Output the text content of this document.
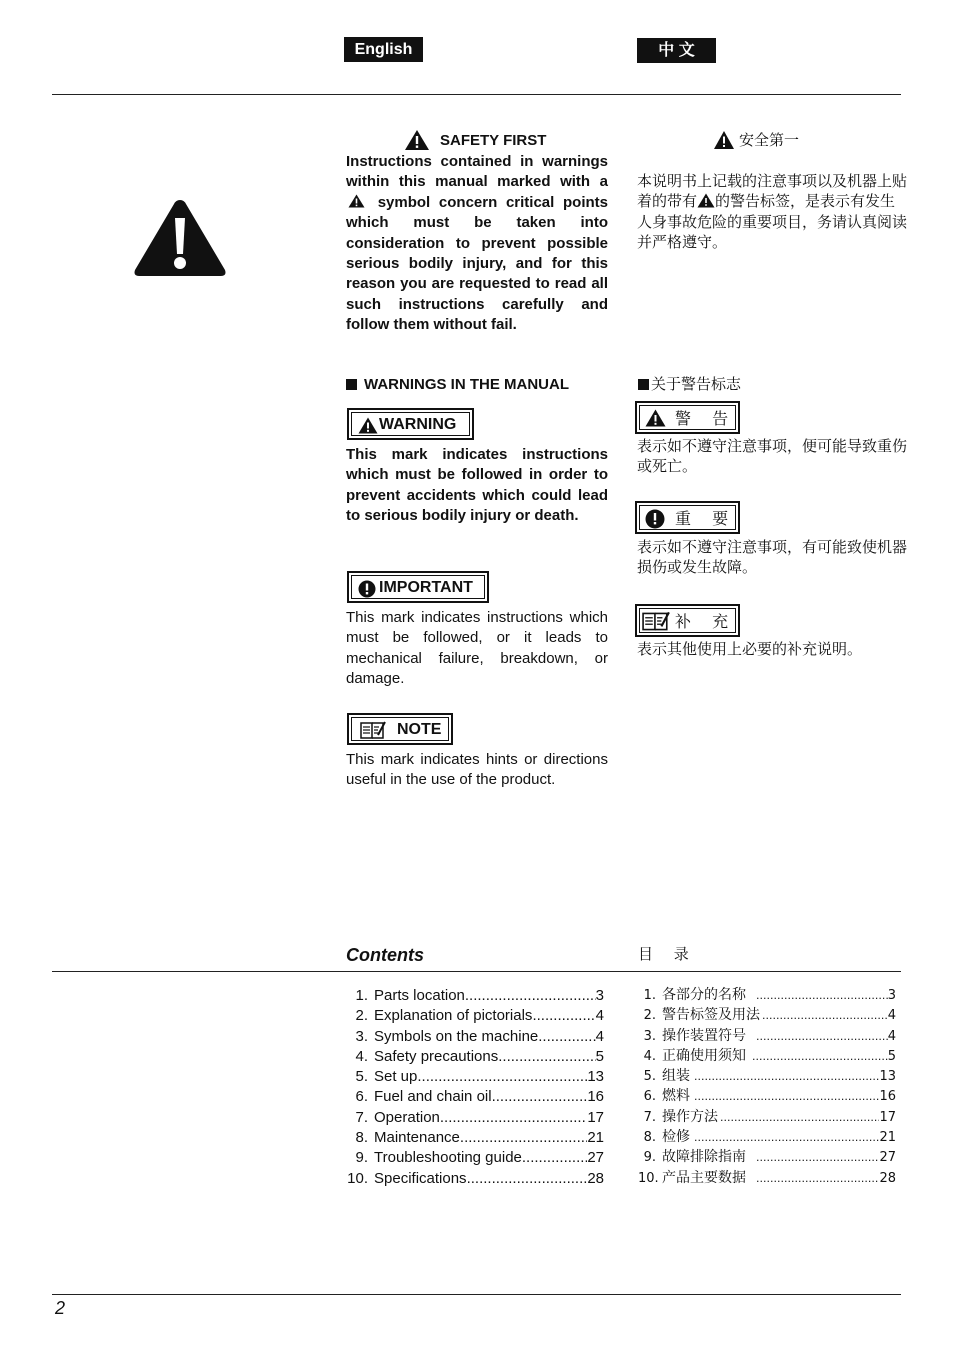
English	中 文
SAFETY FIRST
Instructions contained in warnings within this manual marked with a  symbol concern critical points which must be taken into consideration to prevent possible serious bodily injury, and for this reason you are requested to read all such instructions carefully and follow them without fail.
安全第一
本说明书上记载的注意事项以及机器上贴着的带有 的警告标签，是表示有发生人身事故危险的重要项目，务请认真阅读并严格遵守。
WARNINGS IN THE MANUAL	关于警告标志
WARNING
This mark indicates instructions which must be followed in order to prevent accidents which could lead to serious bodily injury or death.
警 告
表示如不遵守注意事项，便可能导致重伤或死亡。
IMPORTANT
This mark indicates instructions which must be followed, or it leads to mechanical failure, breakdown, or damage.
重 要
表示如不遵守注意事项，有可能致使机器损伤或发生故障。
NOTE
This mark indicates hints or directions useful in the use of the product.
补 充
表示其他使用上必要的补充说明。
Contents	目 录
1. Parts location .....	3
2. Explanation of pictorials .....	4
3. Symbols on the machine .....	4
4. Safety precautions .....	5
5. Set up .....	13
6. Fuel and chain oil .....	16
7. Operation .....	17
8. Maintenance .....	21
9. Troubleshooting guide .....	27
10. Specifications .....	28
1. 各部分的名称 .....	3
2. 警告标签及用法 .....	4
3. 操作装置符号 .....	4
4. 正确使用须知 .....	5
5. 组装 .....	13
6. 燃料 .....	16
7. 操作方法 .....	17
8. 检修 .....	21
9. 故障排除指南 .....	27
10. 产品主要数据 .....	28
2
